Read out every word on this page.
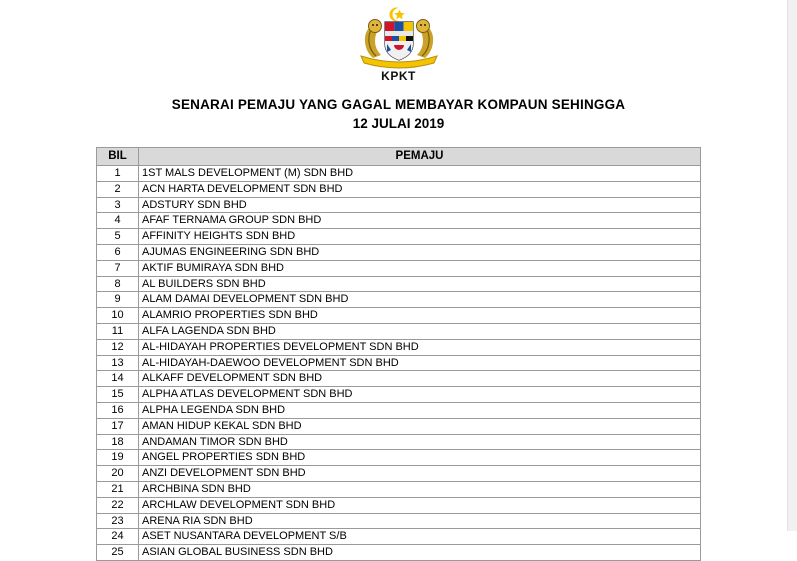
KPKT
SENARAI PEMAJU YANG GAGAL MEMBAYAR KOMPAUN SEHINGGA
12 JULAI 2019
BIL	PEMAJU
1	1ST MALS DEVELOPMENT (M) SDN BHD
2	ACN HARTA DEVELOPMENT SDN BHD
3	ADSTURY SDN BHD
4	AFAF TERNAMA GROUP SDN BHD
5	AFFINITY HEIGHTS SDN BHD
6	AJUMAS ENGINEERING SDN BHD
7	AKTIF BUMIRAYA SDN BHD
8	AL BUILDERS SDN BHD
9	ALAM DAMAI DEVELOPMENT SDN BHD
10	ALAMRIO PROPERTIES SDN BHD
11	ALFA LAGENDA SDN BHD
12	AL-HIDAYAH PROPERTIES DEVELOPMENT SDN BHD
13	AL-HIDAYAH-DAEWOO DEVELOPMENT SDN BHD
14	ALKAFF DEVELOPMENT SDN BHD
15	ALPHA ATLAS DEVELOPMENT SDN BHD
16	ALPHA LEGENDA SDN BHD
17	AMAN HIDUP KEKAL SDN BHD
18	ANDAMAN TIMOR SDN BHD
19	ANGEL PROPERTIES SDN BHD
20	ANZI DEVELOPMENT SDN BHD
21	ARCHBINA SDN BHD
22	ARCHLAW DEVELOPMENT SDN BHD
23	ARENA RIA SDN BHD
24	ASET NUSANTARA DEVELOPMENT S/B
25	ASIAN GLOBAL BUSINESS SDN BHD
